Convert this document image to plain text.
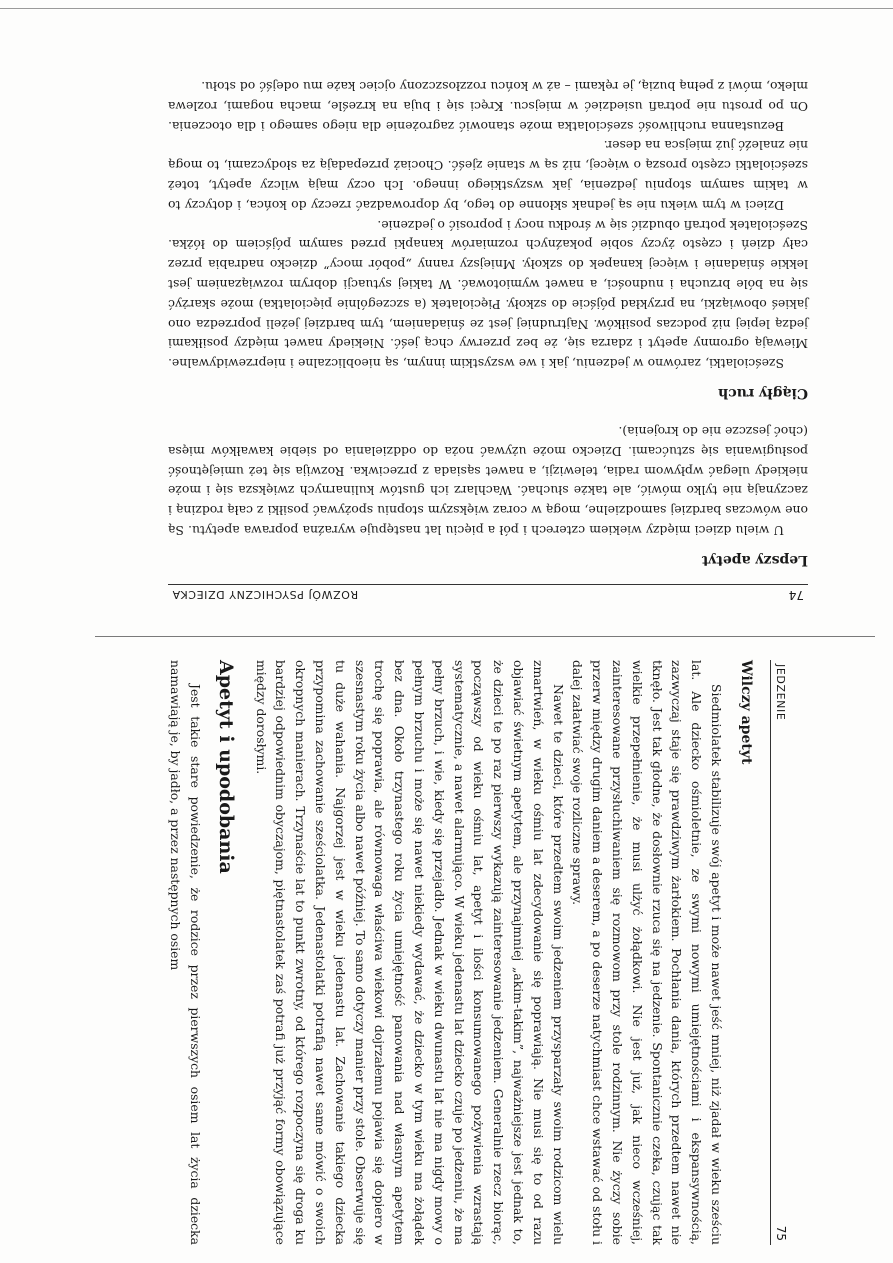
74
ROZWÓJ PSYCHICZNY DZIECKA
Lepszy apetyt

U wielu dzieci między wiekiem czterech i pół a pięciu lat następuje wyraźna poprawa apetytu. Są one wówczas bardziej samodzielne, mogą w coraz większym stopniu spożywać posiłki z całą rodziną i zaczynają nie tylko mówić, ale także słuchać. Wachlarz ich gustów kulinarnych zwiększa się i może niekiedy ulegać wpływom radia, telewizji, a nawet sąsiada z przeciwka. Rozwija się też umiejętność posługiwania się sztućcami. Dziecko może używać noża do oddzielania od siebie kawałków mięsa (choć jeszcze nie do krojenia).

Ciągły ruch

Sześciolatki, zarówno w jedzeniu, jak i we wszystkim innym, są nieobliczalne i nieprzewidywalne. Miewają ogromny apetyt i zdarza się, że bez przerwy chcą jeść. Niekiedy nawet między posiłkami jedzą lepiej niż podczas posiłków. Najtrudniej jest ze śniadaniem, tym bardziej jeżeli poprzedza ono jakieś obowiązki, na przykład pójście do szkoły. Pięciolatek (a szczególnie pięciolatka) może skarżyć się na bóle brzucha i nudności, a nawet wymiotować. W takiej sytuacji dobrym rozwiązaniem jest lekkie śniadanie i więcej kanapek do szkoły. Mniejszy ranny „pobór mocy” dziecko nadrabia przez cały dzień i często życzy sobie pokaźnych rozmiarów kanapki przed samym pójściem do łóżka. Sześciolatek potrafi obudzić się w środku nocy i poprosić o jedzenie.

Dzieci w tym wieku nie są jednak skłonne do tego, by doprowadzać rzeczy do końca, i dotyczy to w takim samym stopniu jedzenia, jak wszystkiego innego. Ich oczy mają wilczy apetyt, toteż sześciolatki często proszą o więcej, niż są w stanie zjeść. Chociaż przepadają za słodyczami, to mogą nie znaleźć już miejsca na deser.

Bezustanna ruchliwość sześciolatka może stanowić zagrożenie dla niego samego i dla otoczenia. On po prostu nie potrafi usiedzieć w miejscu. Kręci się i buja na krześle, macha nogami, rozlewa mleko, mówi z pełną buzią, je rękami – aż w końcu rozzłoszczony ojciec każe mu odejść od stołu.

JEDZENIE
75
Wilczy apetyt

Siedmiolatek stabilizuje swój apetyt i może nawet jeść mniej, niż zjadał w wieku sześciu lat. Ale dziecko ośmioletnie, ze swymi nowymi umiejętnościami i ekspansywnością, zazwyczaj staje się prawdziwym żarłokiem. Pochłania dania, których przedtem nawet nie tknęło. Jest tak głodne, że dosłownie rzuca się na jedzenie. Spontanicznie czeka, czując tak wielkie przepełnienie, że musi ulżyć żołądkowi. Nie jest już, jak nieco wcześniej, zainteresowane przysłuchiwaniem się rozmowom przy stole rodzinnym. Nie życzy sobie przerw między drugim daniem a deserem, a po deserze natychmiast chce wstawać od stołu i dalej załatwiać swoje rozliczne sprawy.

Nawet te dzieci, które przedtem swoim jedzeniem przysparzały swoim rodzicom wielu zmartwień, w wieku ośmiu lat zdecydowanie się poprawiają. Nie musi się to od razu objawiać świetnym apetytem, ale przynajmniej „akim-takim”, najważniejsze jest jednak to, że dzieci te po raz pierwszy wykazują zainteresowanie jedzeniem. Generalnie rzecz biorąc, począwszy od wieku ośmiu lat, apetyt i ilości konsumowanego pożywienia wzrastają systematycznie, a nawet alarmująco. W wieku jedenastu lat dziecko czuje po jedzeniu, że ma pełny brzuch, i wie, kiedy się przejadło. Jednak w wieku dwunastu lat nie ma nigdy mowy o pełnym brzuchu i może się nawet niekiedy wydawać, że dziecko w tym wieku ma żołądek bez dna. Około trzynastego roku życia umiejętność panowania nad własnym apetytem trochę się poprawia, ale równowaga właściwa wiekowi dojrzałemu pojawia się dopiero w szesnastym roku życia albo nawet później. To samo dotyczy manier przy stole. Obserwuje się tu duże wahania. Najgorzej jest w wieku jedenastu lat. Zachowanie takiego dziecka przypomina zachowanie sześciolatka. Jedenastolatki potrafią nawet same mówić o swoich okropnych manierach. Trzynaście lat to punkt zwrotny, od którego rozpoczyna się droga ku bardziej odpowiednim obyczajom, piętnastolatek zaś potrafi już przyjąć formy obowiązujące między dorosłymi.

Apetyt i upodobania

Jest takie stare powiedzenie, że rodzice przez pierwszych osiem lat życia dziecka namawiają je, by jadło, a przez następnych osiem
